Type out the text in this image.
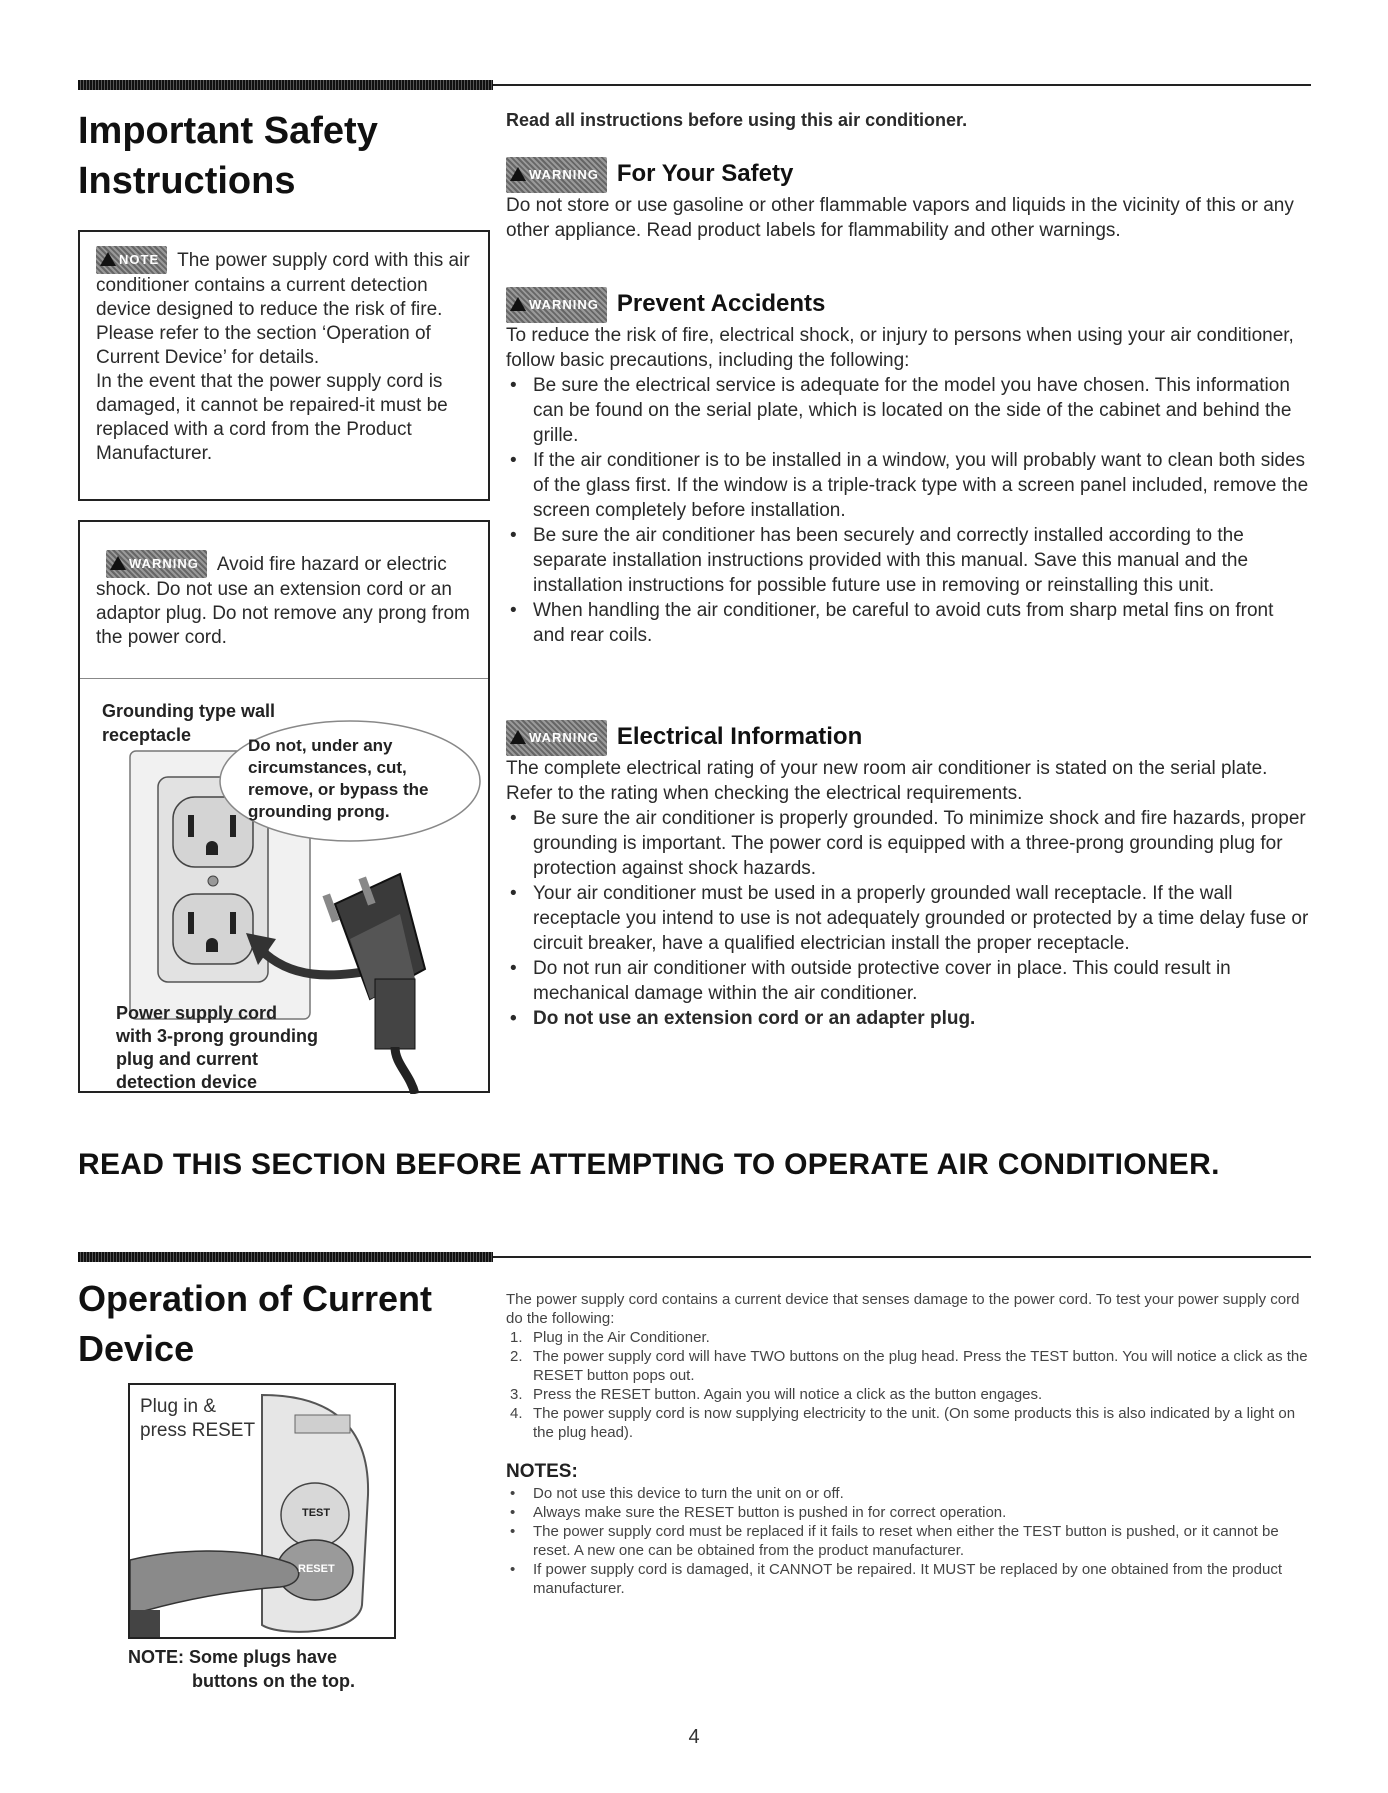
Important Safety
Instructions
NOTE The power supply cord with this air conditioner contains a current detection device designed to reduce the risk of fire.
Please refer to the section ‘Operation of Current Device’ for details.
In the event that the power supply cord is damaged, it cannot be repaired-it must be replaced with a cord from the Product Manufacturer.
WARNING Avoid fire hazard or electric shock. Do not use an extension cord or an adaptor plug. Do not remove any prong from the power cord.
Grounding type wall
receptacle
Do not, under any
circumstances, cut,
remove, or bypass the
grounding prong.
Power supply cord
with 3-prong grounding
plug and current
detection device

Read all instructions before using this air conditioner.

WARNING For Your Safety

Do not store or use gasoline or other flammable vapors and liquids in the vicinity of this or any other appliance. Read product labels for flammability and other warnings.

WARNING Prevent Accidents

To reduce the risk of fire, electrical shock, or injury to persons when using your air conditioner, follow basic precautions, including the following:

• Be sure the electrical service is adequate for the model you have chosen. This information can be found on the serial plate, which is located on the side of the cabinet and behind the grille.
• If the air conditioner is to be installed in a window, you will probably want to clean both sides of the glass first. If the window is a triple-track type with a screen panel included, remove the screen completely before installation.
• Be sure the air conditioner has been securely and correctly installed according to the separate installation instructions provided with this manual. Save this manual and the installation instructions for possible future use in removing or reinstalling this unit.
• When handling the air conditioner, be careful to avoid cuts from sharp metal fins on front and rear coils.
WARNING Electrical Information

The complete electrical rating of your new room air conditioner is stated on the serial plate. Refer to the rating when checking the electrical requirements.

• Be sure the air conditioner is properly grounded. To minimize shock and fire hazards, proper grounding is important. The power cord is equipped with a three-prong grounding plug for protection against shock hazards.
• Your air conditioner must be used in a properly grounded wall receptacle. If the wall receptacle you intend to use is not adequately grounded or protected by a time delay fuse or circuit breaker, have a qualified electrician install the proper receptacle.
• Do not run air conditioner with outside protective cover in place. This could result in mechanical damage within the air conditioner.
• Do not use an extension cord or an adapter plug.
READ THIS SECTION BEFORE ATTEMPTING TO OPERATE AIR CONDITIONER.
Operation of Current
Device
Plug in &
press RESET
TEST
RESET
NOTE: Some plugs have
buttons on the top.

The power supply cord contains a current device that senses damage to the power cord. To test your power supply cord do the following:

1. Plug in the Air Conditioner.
2. The power supply cord will have TWO buttons on the plug head. Press the TEST button. You will notice a click as the RESET button pops out.
3. Press the RESET button. Again you will notice a click as the button engages.
4. The power supply cord is now supplying electricity to the unit. (On some products this is also indicated by a light on the plug head).
NOTES:
• Do not use this device to turn the unit on or off.
• Always make sure the RESET button is pushed in for correct operation.
• The power supply cord must be replaced if it fails to reset when either the TEST button is pushed, or it cannot be reset. A new one can be obtained from the product manufacturer.
• If power supply cord is damaged, it CANNOT be repaired. It MUST be replaced by one obtained from the product manufacturer.
4
